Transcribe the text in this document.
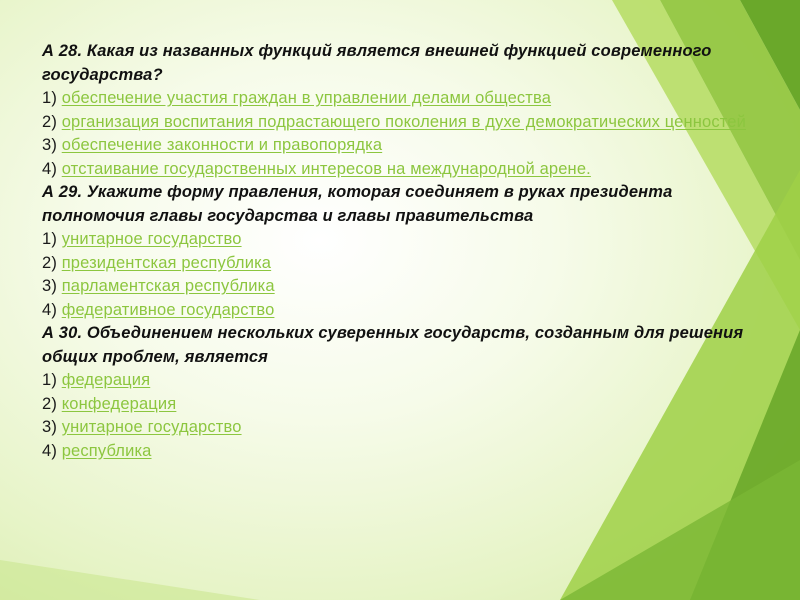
А 28. Какая из названных функций является внешней функцией современного государства?
1) обеспечение участия граждан в управлении делами общества
2) организация воспитания подрастающего поколения в духе демократических ценностей
3) обеспечение законности и правопорядка
4) отстаивание государственных интересов на международной арене.
А 29. Укажите форму правления, которая соединяет в руках президента полномочия главы государства и главы правительства
1) унитарное государство
2) президентская республика
3) парламентская республика
4) федеративное государство
А 30. Объединением нескольких суверенных государств, созданным для решения общих проблем, является
1) федерация
2) конфедерация
3) унитарное государство
4) республика
